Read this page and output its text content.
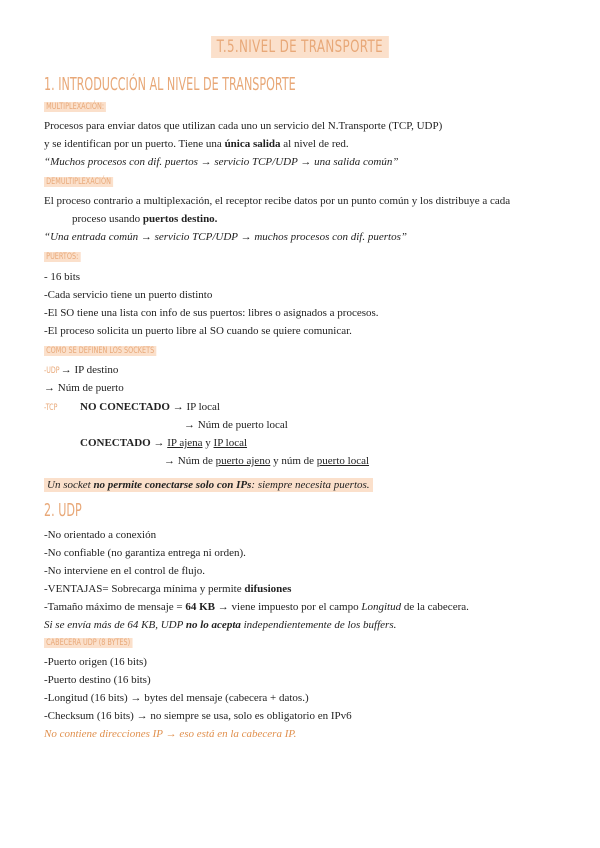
T.5.NIVEL DE TRANSPORTE
1. INTRODUCCIÓN AL NIVEL DE TRANSPORTE
MULTIPLEXACIÓN:
Procesos para enviar datos que utilizan cada uno un servicio del N.Transporte (TCP, UDP)
y se identifican por un puerto. Tiene una única salida al nivel de red.
“Muchos procesos con dif. puertos → servicio TCP/UDP → una salida común”
DEMULTIPLEXACIÓN
El proceso contrario a multiplexación, el receptor recibe datos por un punto común y los distribuye a cada
proceso usando puertos destino.
“Una entrada común → servicio TCP/UDP → muchos procesos con dif. puertos”
PUERTOS:
- 16 bits
-Cada servicio tiene un puerto distinto
-El SO tiene una lista con info de sus puertos: libres o asignados a procesos.
-El proceso solicita un puerto libre al SO cuando se quiere comunicar.
COMO SE DEFINEN LOS SOCKETS
-UDP → IP destino
→ Núm de puerto
-TCP	NO CONECTADO → IP local
→ Núm de puerto local
CONECTADO → IP ajena y IP local
→ Núm de puerto ajeno y núm de puerto local
Un socket no permite conectarse solo con IPs: siempre necesita puertos.
2. UDP
-No orientado a conexión
-No confiable (no garantiza entrega ni orden).
-No interviene en el control de flujo.
-VENTAJAS= Sobrecarga mínima y permite difusiones
-Tamaño máximo de mensaje = 64 KB → viene impuesto por el campo Longitud de la cabecera.
Si se envía más de 64 KB, UDP no lo acepta independientemente de los buffers.
CABECERA UDP (8 BYTES)
-Puerto origen (16 bits)
-Puerto destino (16 bits)
-Longitud (16 bits) → bytes del mensaje (cabecera + datos.)
-Checksum (16 bits) → no siempre se usa, solo es obligatorio en IPv6
No contiene direcciones IP → eso está en la cabecera IP.
